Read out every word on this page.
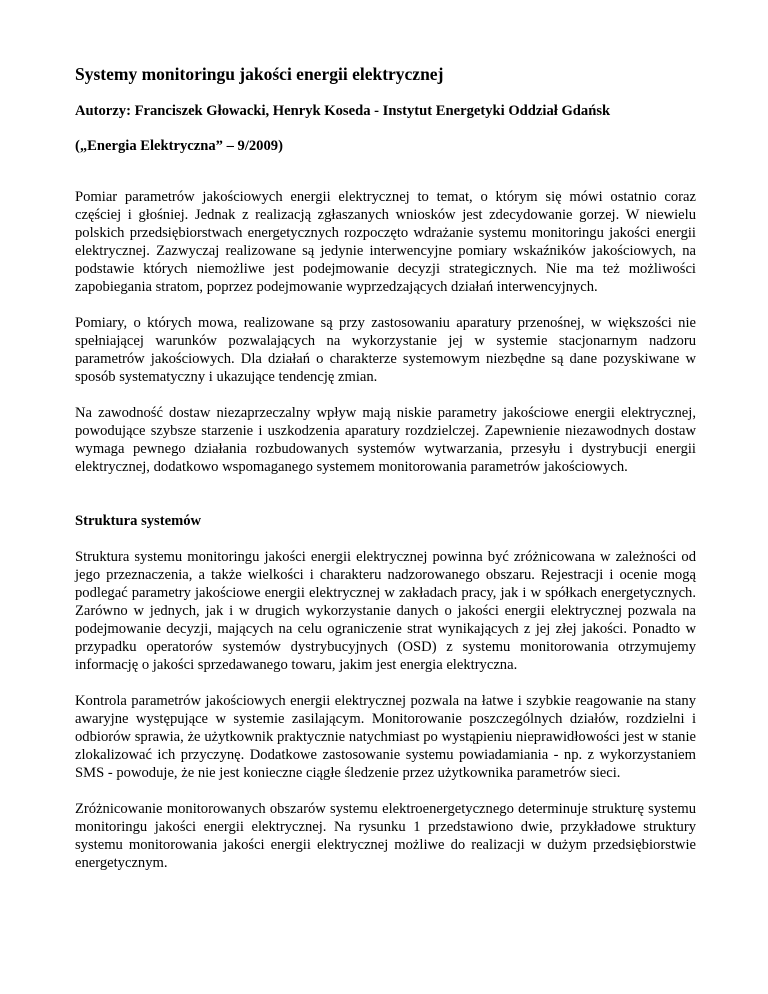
Systemy monitoringu jakości energii elektrycznej

Autorzy: Franciszek Głowacki, Henryk Koseda - Instytut Energetyki Oddział Gdańsk

(„Energia Elektryczna” – 9/2009)

Pomiar parametrów jakościowych energii elektrycznej to temat, o którym się mówi ostatnio coraz częściej i głośniej. Jednak z realizacją zgłaszanych wniosków jest zdecydowanie gorzej. W niewielu polskich przedsiębiorstwach energetycznych rozpoczęto wdrażanie systemu monitoringu jakości energii elektrycznej. Zazwyczaj realizowane są jedynie interwencyjne pomiary wskaźników jakościowych, na podstawie których niemożliwe jest podejmowanie decyzji strategicznych. Nie ma też możliwości zapobiegania stratom, poprzez podejmowanie wyprzedzających działań interwencyjnych.

Pomiary, o których mowa, realizowane są przy zastosowaniu aparatury przenośnej, w większości nie spełniającej warunków pozwalających na wykorzystanie jej w systemie stacjonarnym nadzoru parametrów jakościowych. Dla działań o charakterze systemowym niezbędne są dane pozyskiwane w sposób systematyczny i ukazujące tendencję zmian.

Na zawodność dostaw niezaprzeczalny wpływ mają niskie parametry jakościowe energii elektrycznej, powodujące szybsze starzenie i uszkodzenia aparatury rozdzielczej. Zapewnienie niezawodnych dostaw wymaga pewnego działania rozbudowanych systemów wytwarzania, przesyłu i dystrybucji energii elektrycznej, dodatkowo wspomaganego systemem monitorowania parametrów jakościowych.

Struktura systemów

Struktura systemu monitoringu jakości energii elektrycznej powinna być zróżnicowana w zależności od jego przeznaczenia, a także wielkości i charakteru nadzorowanego obszaru. Rejestracji i ocenie mogą podlegać parametry jakościowe energii elektrycznej w zakładach pracy, jak i w spółkach energetycznych. Zarówno w jednych, jak i w drugich wykorzystanie danych o jakości energii elektrycznej pozwala na podejmowanie decyzji, mających na celu ograniczenie strat wynikających z jej złej jakości. Ponadto w przypadku operatorów systemów dystrybucyjnych (OSD) z systemu monitorowania otrzymujemy informację o jakości sprzedawanego towaru, jakim jest energia elektryczna.

Kontrola parametrów jakościowych energii elektrycznej pozwala na łatwe i szybkie reagowanie na stany awaryjne występujące w systemie zasilającym. Monitorowanie poszczególnych działów, rozdzielni i odbiorów sprawia, że użytkownik praktycznie natychmiast po wystąpieniu nieprawidłowości jest w stanie zlokalizować ich przyczynę. Dodatkowe zastosowanie systemu powiadamiania - np. z wykorzystaniem SMS - powoduje, że nie jest konieczne ciągłe śledzenie przez użytkownika parametrów sieci.

Zróżnicowanie monitorowanych obszarów systemu elektroenergetycznego determinuje strukturę systemu monitoringu jakości energii elektrycznej. Na rysunku 1 przedstawiono dwie, przykładowe struktury systemu monitorowania jakości energii elektrycznej możliwe do realizacji w dużym przedsiębiorstwie energetycznym.
